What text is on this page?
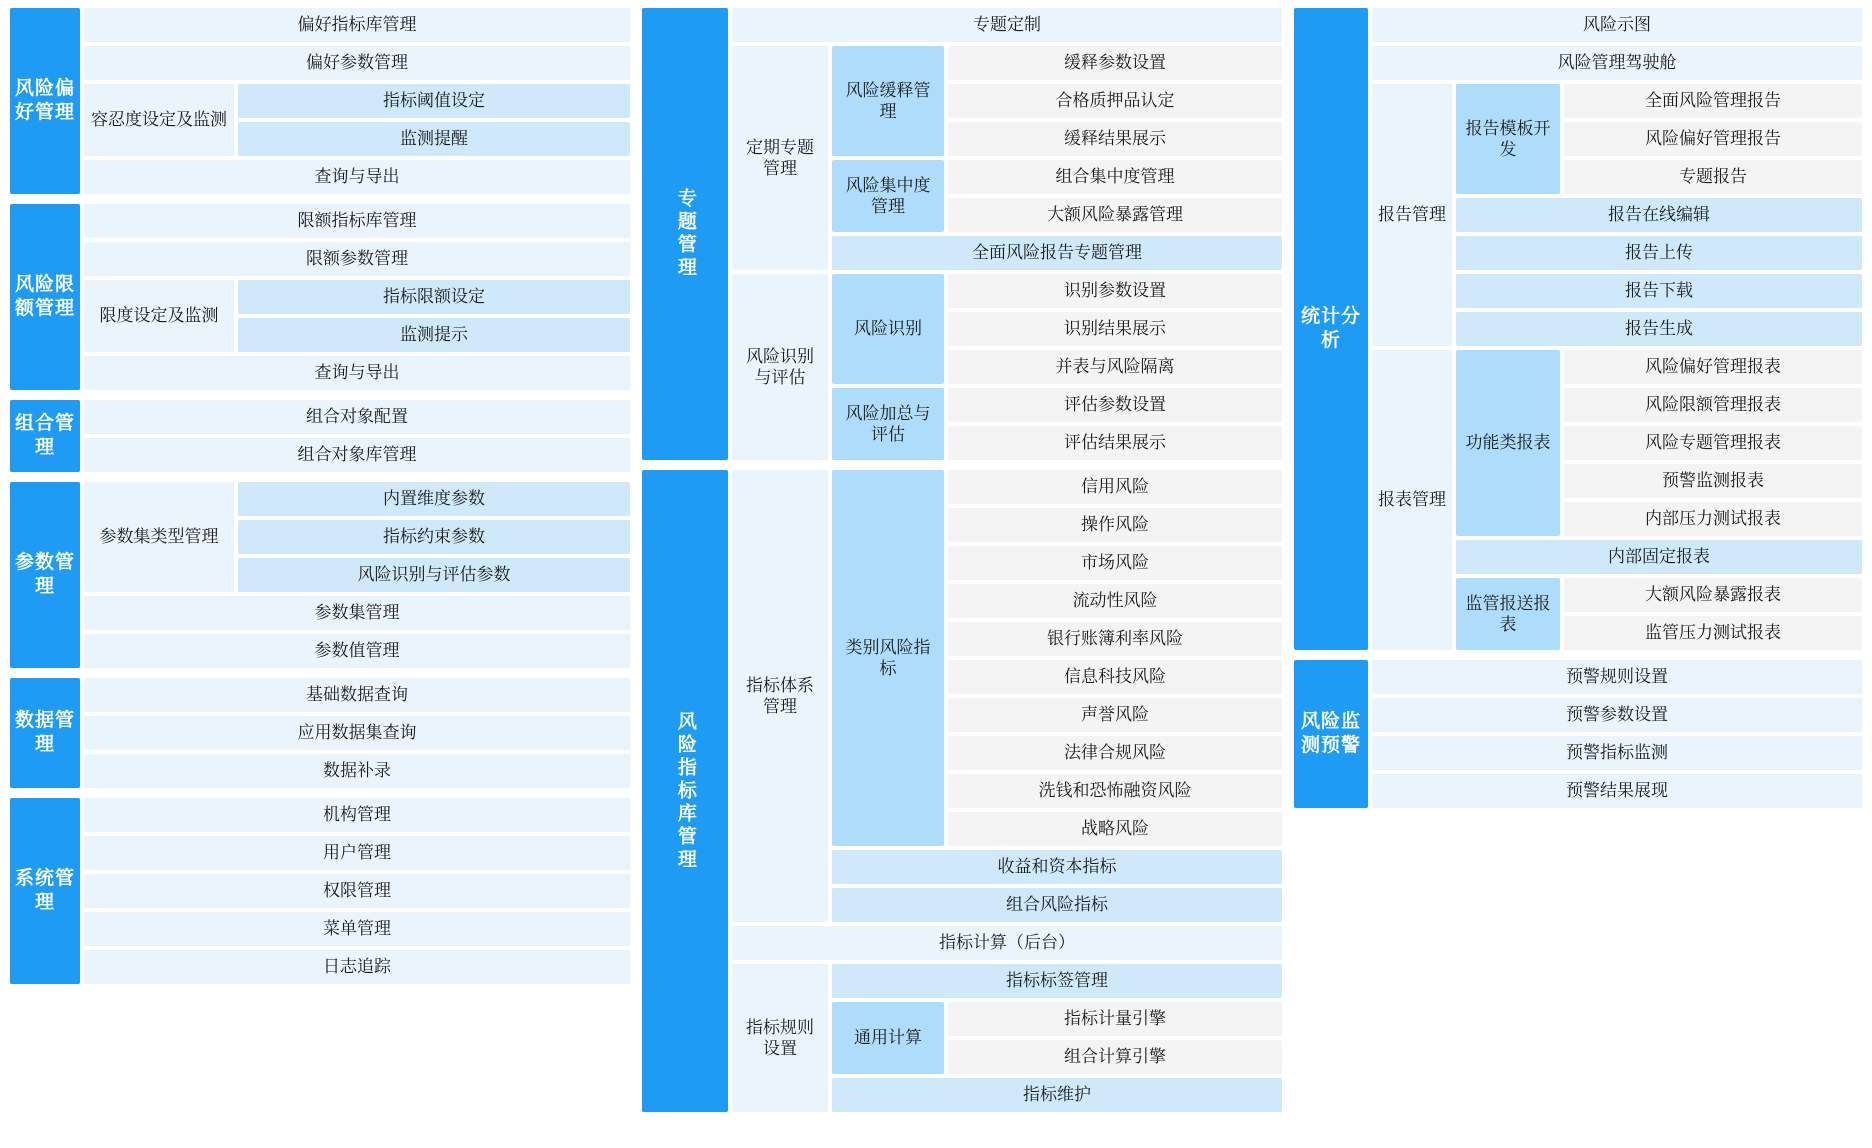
风险偏好管理
偏好指标库管理
偏好参数管理
容忍度设定及监测
指标阈值设定
监测提醒
查询与导出
风险限额管理
限额指标库管理
限额参数管理
限度设定及监测
指标限额设定
监测提示
查询与导出
组合管理
组合对象配置
组合对象库管理
参数管理
参数集类型管理
内置维度参数
指标约束参数
风险识别与评估参数
参数集管理
参数值管理
数据管理
基础数据查询
应用数据集查询
数据补录
系统管理
机构管理
用户管理
权限管理
菜单管理
日志追踪
专题管理
专题定制
定期专题管理
风险缓释管理
缓释参数设置
合格质押品认定
缓释结果展示
风险集中度管理
组合集中度管理
大额风险暴露管理
全面风险报告专题管理
风险识别与评估
风险识别
识别参数设置
识别结果展示
并表与风险隔离
风险加总与评估
评估参数设置
评估结果展示
风险指标库管理
指标体系管理
类别风险指标
信用风险
操作风险
市场风险
流动性风险
银行账簿利率风险
信息科技风险
声誉风险
法律合规风险
洗钱和恐怖融资风险
战略风险
收益和资本指标
组合风险指标
指标计算（后台）
指标规则设置
指标标签管理
通用计算
指标计量引擎
组合计算引擎
指标维护
统计分析
风险示图
风险管理驾驶舱
报告管理
报告模板开发
全面风险管理报告
风险偏好管理报告
专题报告
报告在线编辑
报告上传
报告下载
报告生成
报表管理
功能类报表
风险偏好管理报表
风险限额管理报表
风险专题管理报表
预警监测报表
内部压力测试报表
内部固定报表
监管报送报表
大额风险暴露报表
监管压力测试报表
风险监测预警
预警规则设置
预警参数设置
预警指标监测
预警结果展现
